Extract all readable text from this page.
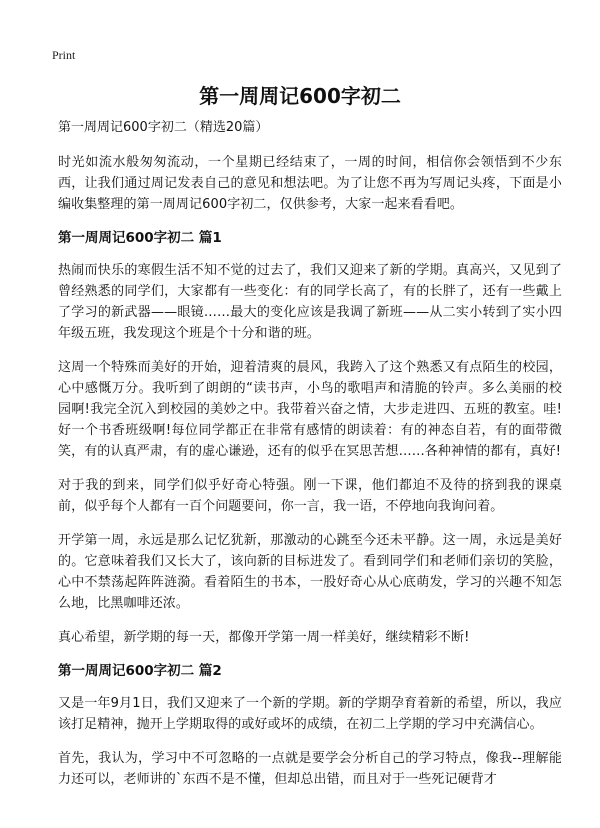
Print
第一周周记600字初二
第一周周记600字初二（精选20篇）

时光如流水般匆匆流动，一个星期已经结束了，一周的时间，相信你会领悟到不少东西，让我们通过周记发表自己的意见和想法吧。为了让您不再为写周记头疼，下面是小编收集整理的第一周周记600字初二，仅供参考，大家一起来看看吧。

第一周周记600字初二 篇1

热闹而快乐的寒假生活不知不觉的过去了，我们又迎来了新的学期。真高兴，又见到了曾经熟悉的同学们，大家都有一些变化：有的同学长高了，有的长胖了，还有一些戴上了学习的新武器——眼镜……最大的变化应该是我调了新班——从二实小转到了实小四年级五班，我发现这个班是个十分和谐的班。

这周一个特殊而美好的开始，迎着清爽的晨风，我跨入了这个熟悉又有点陌生的校园，心中感慨万分。我听到了朗朗的“读书声，小鸟的歌唱声和清脆的铃声。多么美丽的校园啊!我完全沉入到校园的美妙之中。我带着兴奋之情，大步走进四、五班的教室。哇!好一个书香班级啊!每位同学都正在非常有感情的朗读着：有的神态自若，有的面带微笑，有的认真严肃，有的虚心谦逊，还有的似乎在冥思苦想……各种神情的都有，真好!

对于我的到来，同学们似乎好奇心特强。刚一下课，他们都迫不及待的挤到我的课桌前，似乎每个人都有一百个问题要问，你一言，我一语，不停地向我询问着。

开学第一周，永远是那么记忆犹新，那激动的心跳至今还未平静。这一周，永远是美好的。它意味着我们又长大了，该向新的目标进发了。看到同学们和老师们亲切的笑脸，心中不禁荡起阵阵涟漪。看着陌生的书本，一股好奇心从心底萌发，学习的兴趣不知怎么地，比黑咖啡还浓。

真心希望，新学期的每一天，都像开学第一周一样美好，继续精彩不断!

第一周周记600字初二 篇2

又是一年9月1日，我们又迎来了一个新的学期。新的学期孕育着新的希望，所以，我应该打足精神，抛开上学期取得的或好或坏的成绩，在初二上学期的学习中充满信心。

首先，我认为，学习中不可忽略的一点就是要学会分析自己的学习特点，像我--理解能力还可以，老师讲的`东西不是不懂，但却总出错，而且对于一些死记硬背才
